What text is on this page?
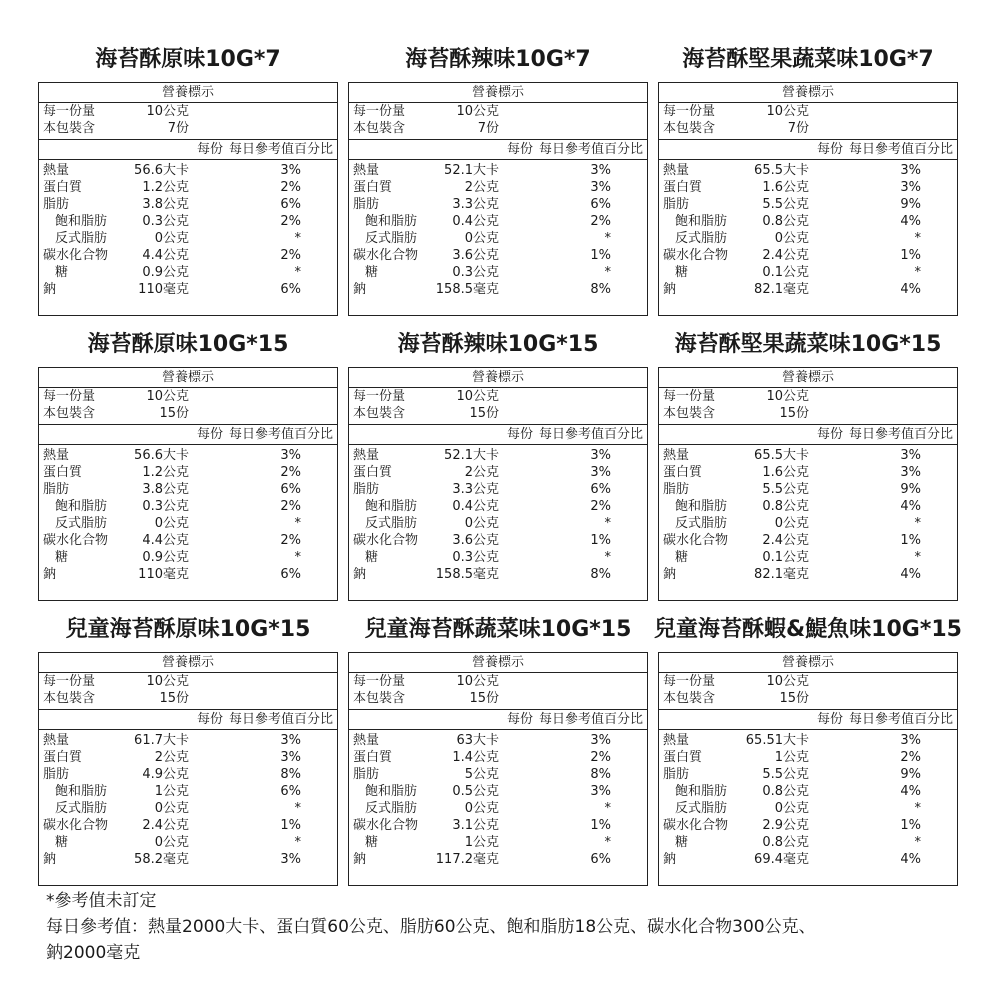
海苔酥原味10G*7
營養標示
每一份量	10公克
本包裝含	7份
每份 每日參考值百分比
熱量	56.6大卡	3%
蛋白質	1.2公克	2%
脂肪	3.8公克	6%
飽和脂肪	0.3公克	2%
反式脂肪	0公克	*
碳水化合物	4.4公克	2%
糖	0.9公克	*
鈉	110毫克	6%
海苔酥辣味10G*7
營養標示
每一份量	10公克
本包裝含	7份
每份 每日參考值百分比
熱量	52.1大卡	3%
蛋白質	2公克	3%
脂肪	3.3公克	6%
飽和脂肪	0.4公克	2%
反式脂肪	0公克	*
碳水化合物	3.6公克	1%
糖	0.3公克	*
鈉	158.5毫克	8%
海苔酥堅果蔬菜味10G*7
營養標示
每一份量	10公克
本包裝含	7份
每份 每日參考值百分比
熱量	65.5大卡	3%
蛋白質	1.6公克	3%
脂肪	5.5公克	9%
飽和脂肪	0.8公克	4%
反式脂肪	0公克	*
碳水化合物	2.4公克	1%
糖	0.1公克	*
鈉	82.1毫克	4%
海苔酥原味10G*15
營養標示
每一份量	10公克
本包裝含	15份
每份 每日參考值百分比
熱量	56.6大卡	3%
蛋白質	1.2公克	2%
脂肪	3.8公克	6%
飽和脂肪	0.3公克	2%
反式脂肪	0公克	*
碳水化合物	4.4公克	2%
糖	0.9公克	*
鈉	110毫克	6%
海苔酥辣味10G*15
營養標示
每一份量	10公克
本包裝含	15份
每份 每日參考值百分比
熱量	52.1大卡	3%
蛋白質	2公克	3%
脂肪	3.3公克	6%
飽和脂肪	0.4公克	2%
反式脂肪	0公克	*
碳水化合物	3.6公克	1%
糖	0.3公克	*
鈉	158.5毫克	8%
海苔酥堅果蔬菜味10G*15
營養標示
每一份量	10公克
本包裝含	15份
每份 每日參考值百分比
熱量	65.5大卡	3%
蛋白質	1.6公克	3%
脂肪	5.5公克	9%
飽和脂肪	0.8公克	4%
反式脂肪	0公克	*
碳水化合物	2.4公克	1%
糖	0.1公克	*
鈉	82.1毫克	4%
兒童海苔酥原味10G*15
營養標示
每一份量	10公克
本包裝含	15份
每份 每日參考值百分比
熱量	61.7大卡	3%
蛋白質	2公克	3%
脂肪	4.9公克	8%
飽和脂肪	1公克	6%
反式脂肪	0公克	*
碳水化合物	2.4公克	1%
糖	0公克	*
鈉	58.2毫克	3%
兒童海苔酥蔬菜味10G*15
營養標示
每一份量	10公克
本包裝含	15份
每份 每日參考值百分比
熱量	63大卡	3%
蛋白質	1.4公克	2%
脂肪	5公克	8%
飽和脂肪	0.5公克	3%
反式脂肪	0公克	*
碳水化合物	3.1公克	1%
糖	1公克	*
鈉	117.2毫克	6%
兒童海苔酥蝦&鯷魚味10G*15
營養標示
每一份量	10公克
本包裝含	15份
每份 每日參考值百分比
熱量	65.51大卡	3%
蛋白質	1公克	2%
脂肪	5.5公克	9%
飽和脂肪	0.8公克	4%
反式脂肪	0公克	*
碳水化合物	2.9公克	1%
糖	0.8公克	*
鈉	69.4毫克	4%
*參考值未訂定
每日參考值：熱量2000大卡、蛋白質60公克、脂肪60公克、飽和脂肪18公克、碳水化合物300公克、
鈉2000毫克
